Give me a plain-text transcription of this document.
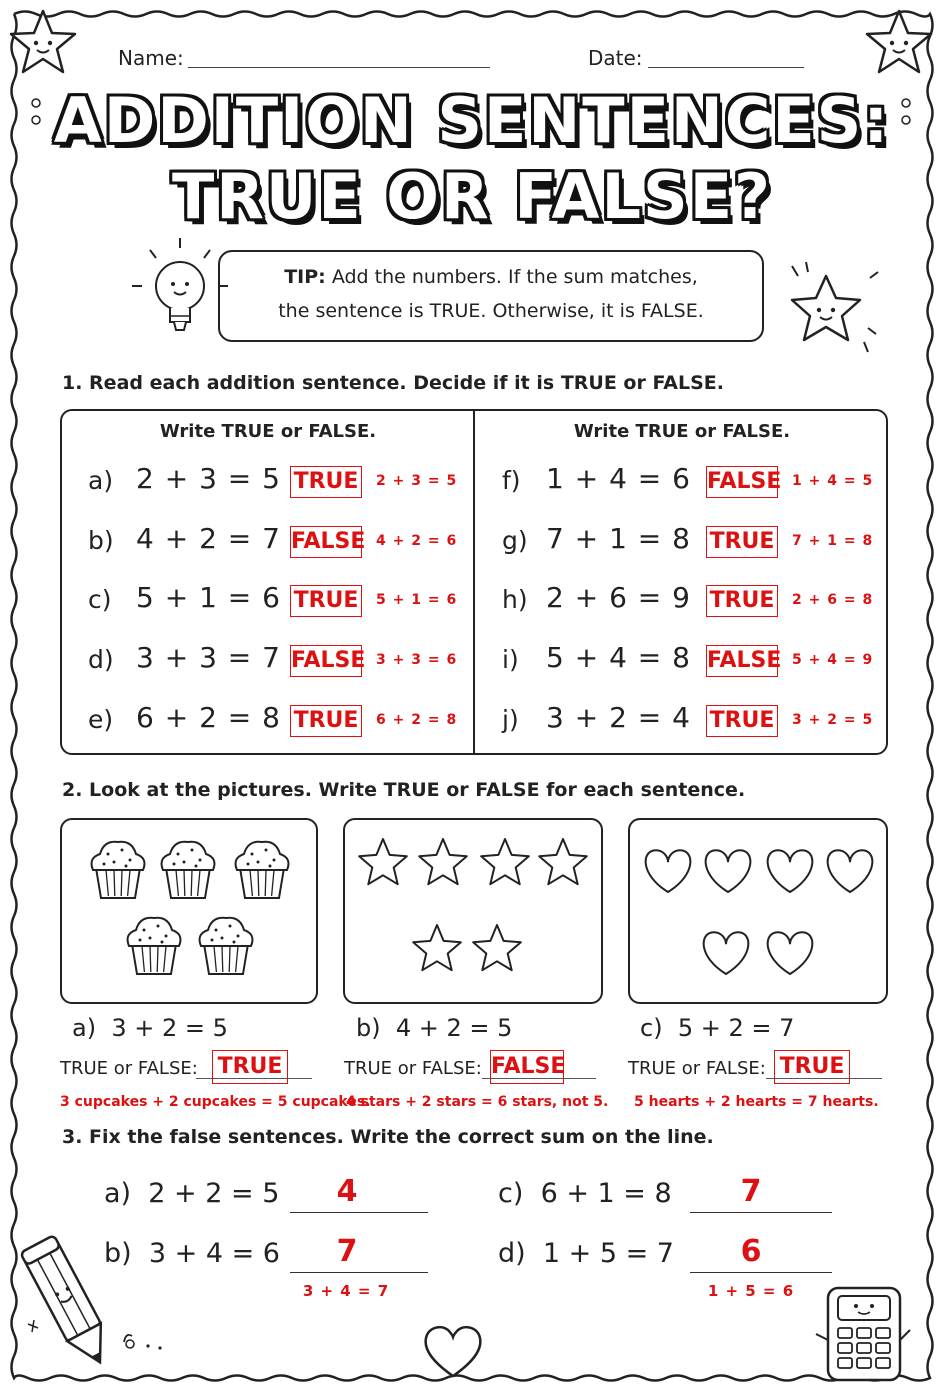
Name:	Date:
ADDITION SENTENCES:
TRUE OR FALSE?
TIP: Add the numbers. If the sum matches,
the sentence is TRUE. Otherwise, it is FALSE.
1. Read each addition sentence. Decide if it is TRUE or FALSE.
Write TRUE or FALSE.	Write TRUE or FALSE.
a) 2 + 3 = 5 TRUE 2 + 3 = 5
b) 4 + 2 = 7 FALSE 4 + 2 = 6
c) 5 + 1 = 6 TRUE 5 + 1 = 6
d) 3 + 3 = 7 FALSE 3 + 3 = 6
e) 6 + 2 = 8 TRUE 6 + 2 = 8
f) 1 + 4 = 6 FALSE 1 + 4 = 5
g) 7 + 1 = 8 TRUE 7 + 1 = 8
h) 2 + 6 = 9 TRUE 2 + 6 = 8
i) 5 + 4 = 8 FALSE 5 + 4 = 9
j) 3 + 2 = 4 TRUE 3 + 2 = 5
2. Look at the pictures. Write TRUE or FALSE for each sentence.
a) 3 + 2 = 5	b) 4 + 2 = 5	c) 5 + 2 = 7
TRUE or FALSE: TRUE	TRUE or FALSE: FALSE	TRUE or FALSE: TRUE
3 cupcakes + 2 cupcakes = 5 cupcakes.
4 stars + 2 stars = 6 stars, not 5. 5 hearts + 2 hearts = 7 hearts.
3. Fix the false sentences. Write the correct sum on the line.
a) 2 + 2 = 5	4
b) 3 + 4 = 6	7
3 + 4 = 7
c) 6 + 1 = 8	7
d) 1 + 5 = 7	6
1 + 5 = 6
